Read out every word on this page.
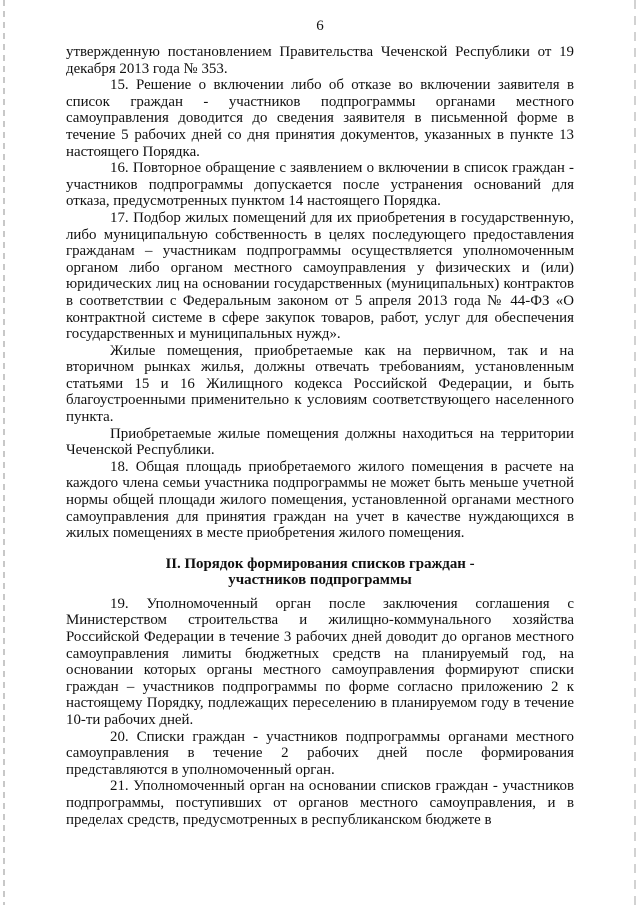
6

утвержденную постановлением Правительства Чеченской Республики от 19 декабря 2013 года № 353.

15. Решение о включении либо об отказе во включении заявителя в список граждан - участников подпрограммы органами местного самоуправления доводится до сведения заявителя в письменной форме в течение 5 рабочих дней со дня принятия документов, указанных в пункте 13 настоящего Порядка.

16. Повторное обращение с заявлением о включении в список граждан - участников подпрограммы допускается после устранения оснований для отказа, предусмотренных пунктом 14 настоящего Порядка.

17. Подбор жилых помещений для их приобретения в государственную, либо муниципальную собственность в целях последующего предоставления гражданам – участникам подпрограммы осуществляется уполномоченным органом либо органом местного самоуправления у физических и (или) юридических лиц на основании государственных (муниципальных) контрактов в соответствии с Федеральным законом от 5 апреля 2013 года № 44-ФЗ «О контрактной системе в сфере закупок товаров, работ, услуг для обеспечения государственных и муниципальных нужд».

Жилые помещения, приобретаемые как на первичном, так и на вторичном рынках жилья, должны отвечать требованиям, установленным статьями 15 и 16 Жилищного кодекса Российской Федерации, и быть благоустроенными применительно к условиям соответствующего населенного пункта.

Приобретаемые жилые помещения должны находиться на территории Чеченской Республики.

18. Общая площадь приобретаемого жилого помещения в расчете на каждого члена семьи участника подпрограммы не может быть меньше учетной нормы общей площади жилого помещения, установленной органами местного самоуправления для принятия граждан на учет в качестве нуждающихся в жилых помещениях в месте приобретения жилого помещения.

II. Порядок формирования списков граждан -
участников подпрограммы

19. Уполномоченный орган после заключения соглашения с Министерством строительства и жилищно-коммунального хозяйства Российской Федерации в течение 3 рабочих дней доводит до органов местного самоуправления лимиты бюджетных средств на планируемый год, на основании которых органы местного самоуправления формируют списки граждан – участников подпрограммы по форме согласно приложению 2 к настоящему Порядку, подлежащих переселению в планируемом году в течение 10-ти рабочих дней.

20. Списки граждан - участников подпрограммы органами местного самоуправления в течение 2 рабочих дней после формирования представляются в уполномоченный орган.

21. Уполномоченный орган на основании списков граждан - участников подпрограммы, поступивших от органов местного самоуправления, и в пределах средств, предусмотренных в республиканском бюджете в
